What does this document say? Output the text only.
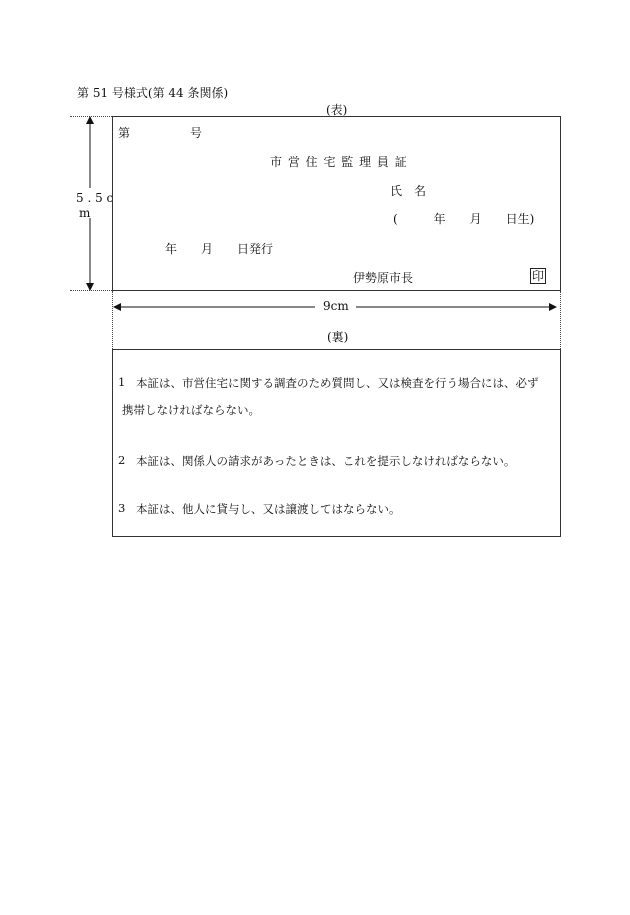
第 51 号様式(第 44 条関係)
(表)
5 . 5 c
m
9cm
第	号
市 営 住 宅 監 理 員 証
氏　名
(　　　年　　月　　日生)
年　　月　　日発行
伊勢原市長	印
(裏)
1 本証は、市営住宅に関する調査のため質問し、又は検査を行う場合には、必ず
携帯しなければならない。
2 本証は、関係人の請求があったときは、これを提示しなければならない。
3 本証は、他人に貸与し、又は譲渡してはならない。
